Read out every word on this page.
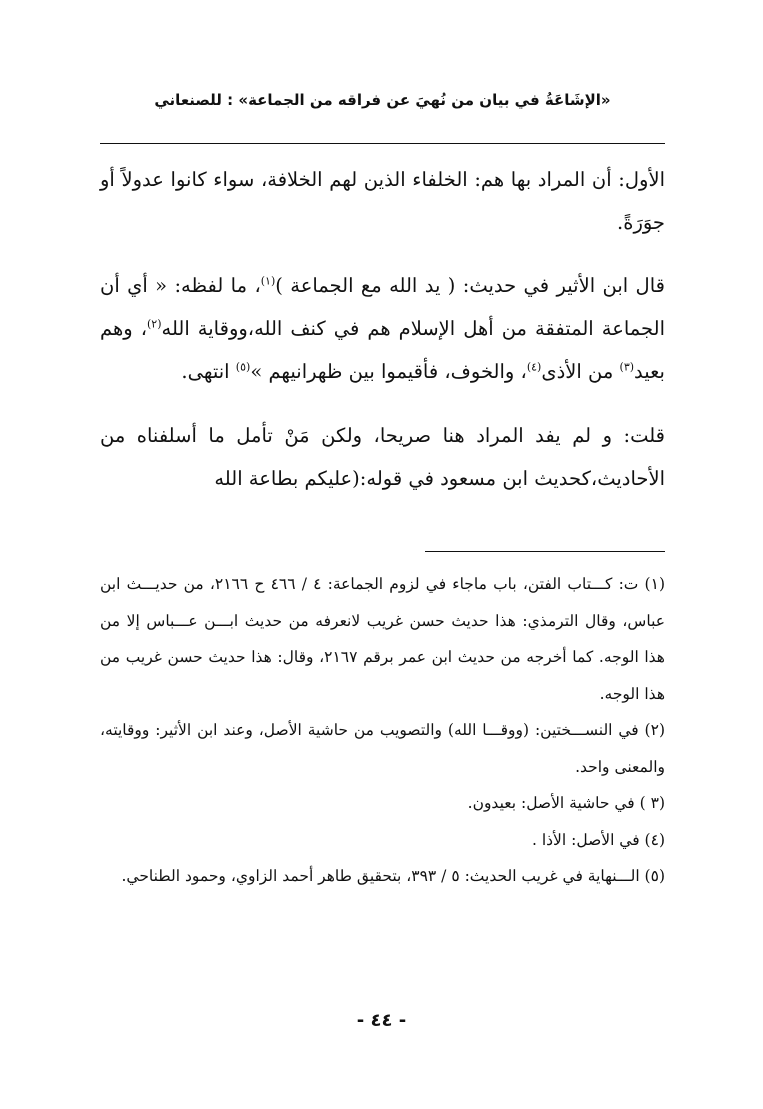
«الإشَاعَةُ في بيان من نُهيَ عن فراقه من الجماعة» : للصنعاني

الأول: أن المراد بها هم: الخلفاء الذين لهم الخلافة، سواء كانوا عدولاً أو جوَرَةً.

قال ابن الأثير في حديث: ( يد الله مع الجماعة )$^{(١)}$، ما لفظه: « أي أن الجماعة المتفقة من أهل الإسلام هم في كنف الله،ووقاية الله$^{(٢)}$، وهم بعيد$^{(٣)}$ من الأذى$^{(٤)}$، والخوف، فأقيموا بين ظهرانيهم »$^{(٥)}$ انتهى.

قلت: و لم يفد المراد هنا صريحا، ولكن مَنْ تأمل ما أسلفناه من الأحاديث،كحديث ابن مسعود في قوله:(عليكم بطاعة الله

(١) ت: كـــتاب الفتن، باب ماجاء في لزوم الجماعة: ٤ / ٤٦٦ ح ٢١٦٦، من حديـــث ابن عباس، وقال الترمذي: هذا حديث حسن غريب لانعرفه من حديث ابـــن عـــباس إلا من هذا الوجه. كما أخرجه من حديث ابن عمر برقم ٢١٦٧، وقال: هذا حديث حسن غريب من هذا الوجه.

(٢) في النســـختين: (ووقـــا الله) والتصويب من حاشية الأصل، وعند ابن الأثير: ووقايته، والمعنى واحد.

(٣ ) في حاشية الأصل: بعيدون.

(٤) في الأصل: الأذا .

(٥) الـــنهاية في غريب الحديث: ٥ / ٣٩٣، بتحقيق طاهر أحمد الزاوي، وحمود الطناحي.

- ٤٤ -
